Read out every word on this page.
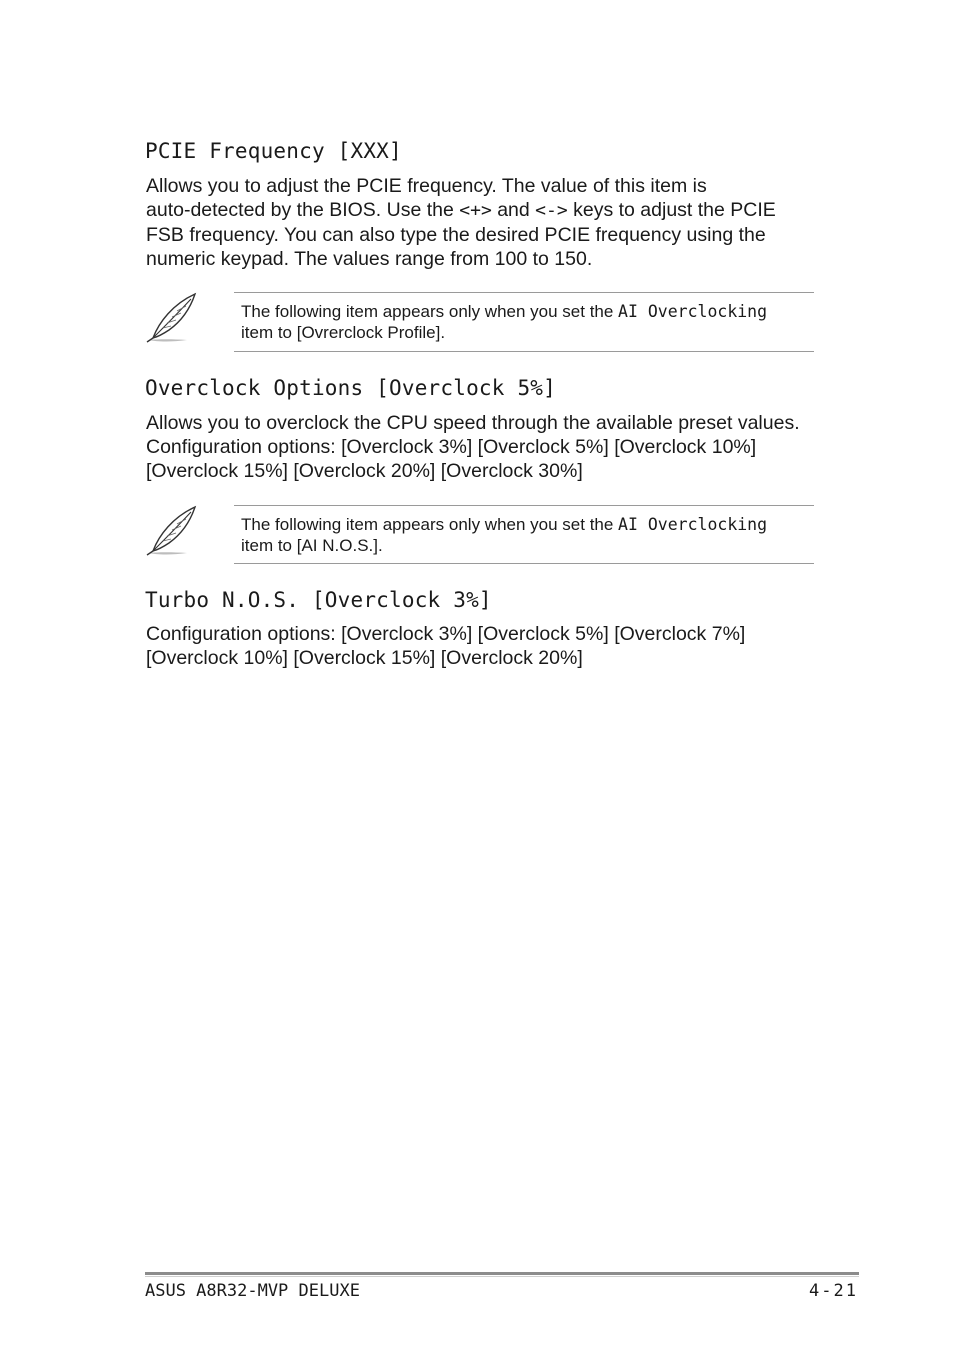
PCIE Frequency [XXX]
Allows you to adjust the PCIE frequency. The value of this item is
auto-detected by the BIOS. Use the <+> and <-> keys to adjust the PCIE
FSB frequency. You can also type the desired PCIE frequency using the
numeric keypad. The values range from 100 to 150.
The following item appears only when you set the AI Overclocking
item to [Ovrerclock Profile].
Overclock Options [Overclock 5%]
Allows you to overclock the CPU speed through the available preset values.
Configuration options: [Overclock 3%] [Overclock 5%] [Overclock 10%]
[Overclock 15%] [Overclock 20%] [Overclock 30%]
The following item appears only when you set the AI Overclocking
item to [AI N.O.S.].
Turbo N.O.S. [Overclock 3%]
Configuration options: [Overclock 3%] [Overclock 5%] [Overclock 7%]
[Overclock 10%] [Overclock 15%] [Overclock 20%]
ASUS A8R32-MVP DELUXE	4-21
